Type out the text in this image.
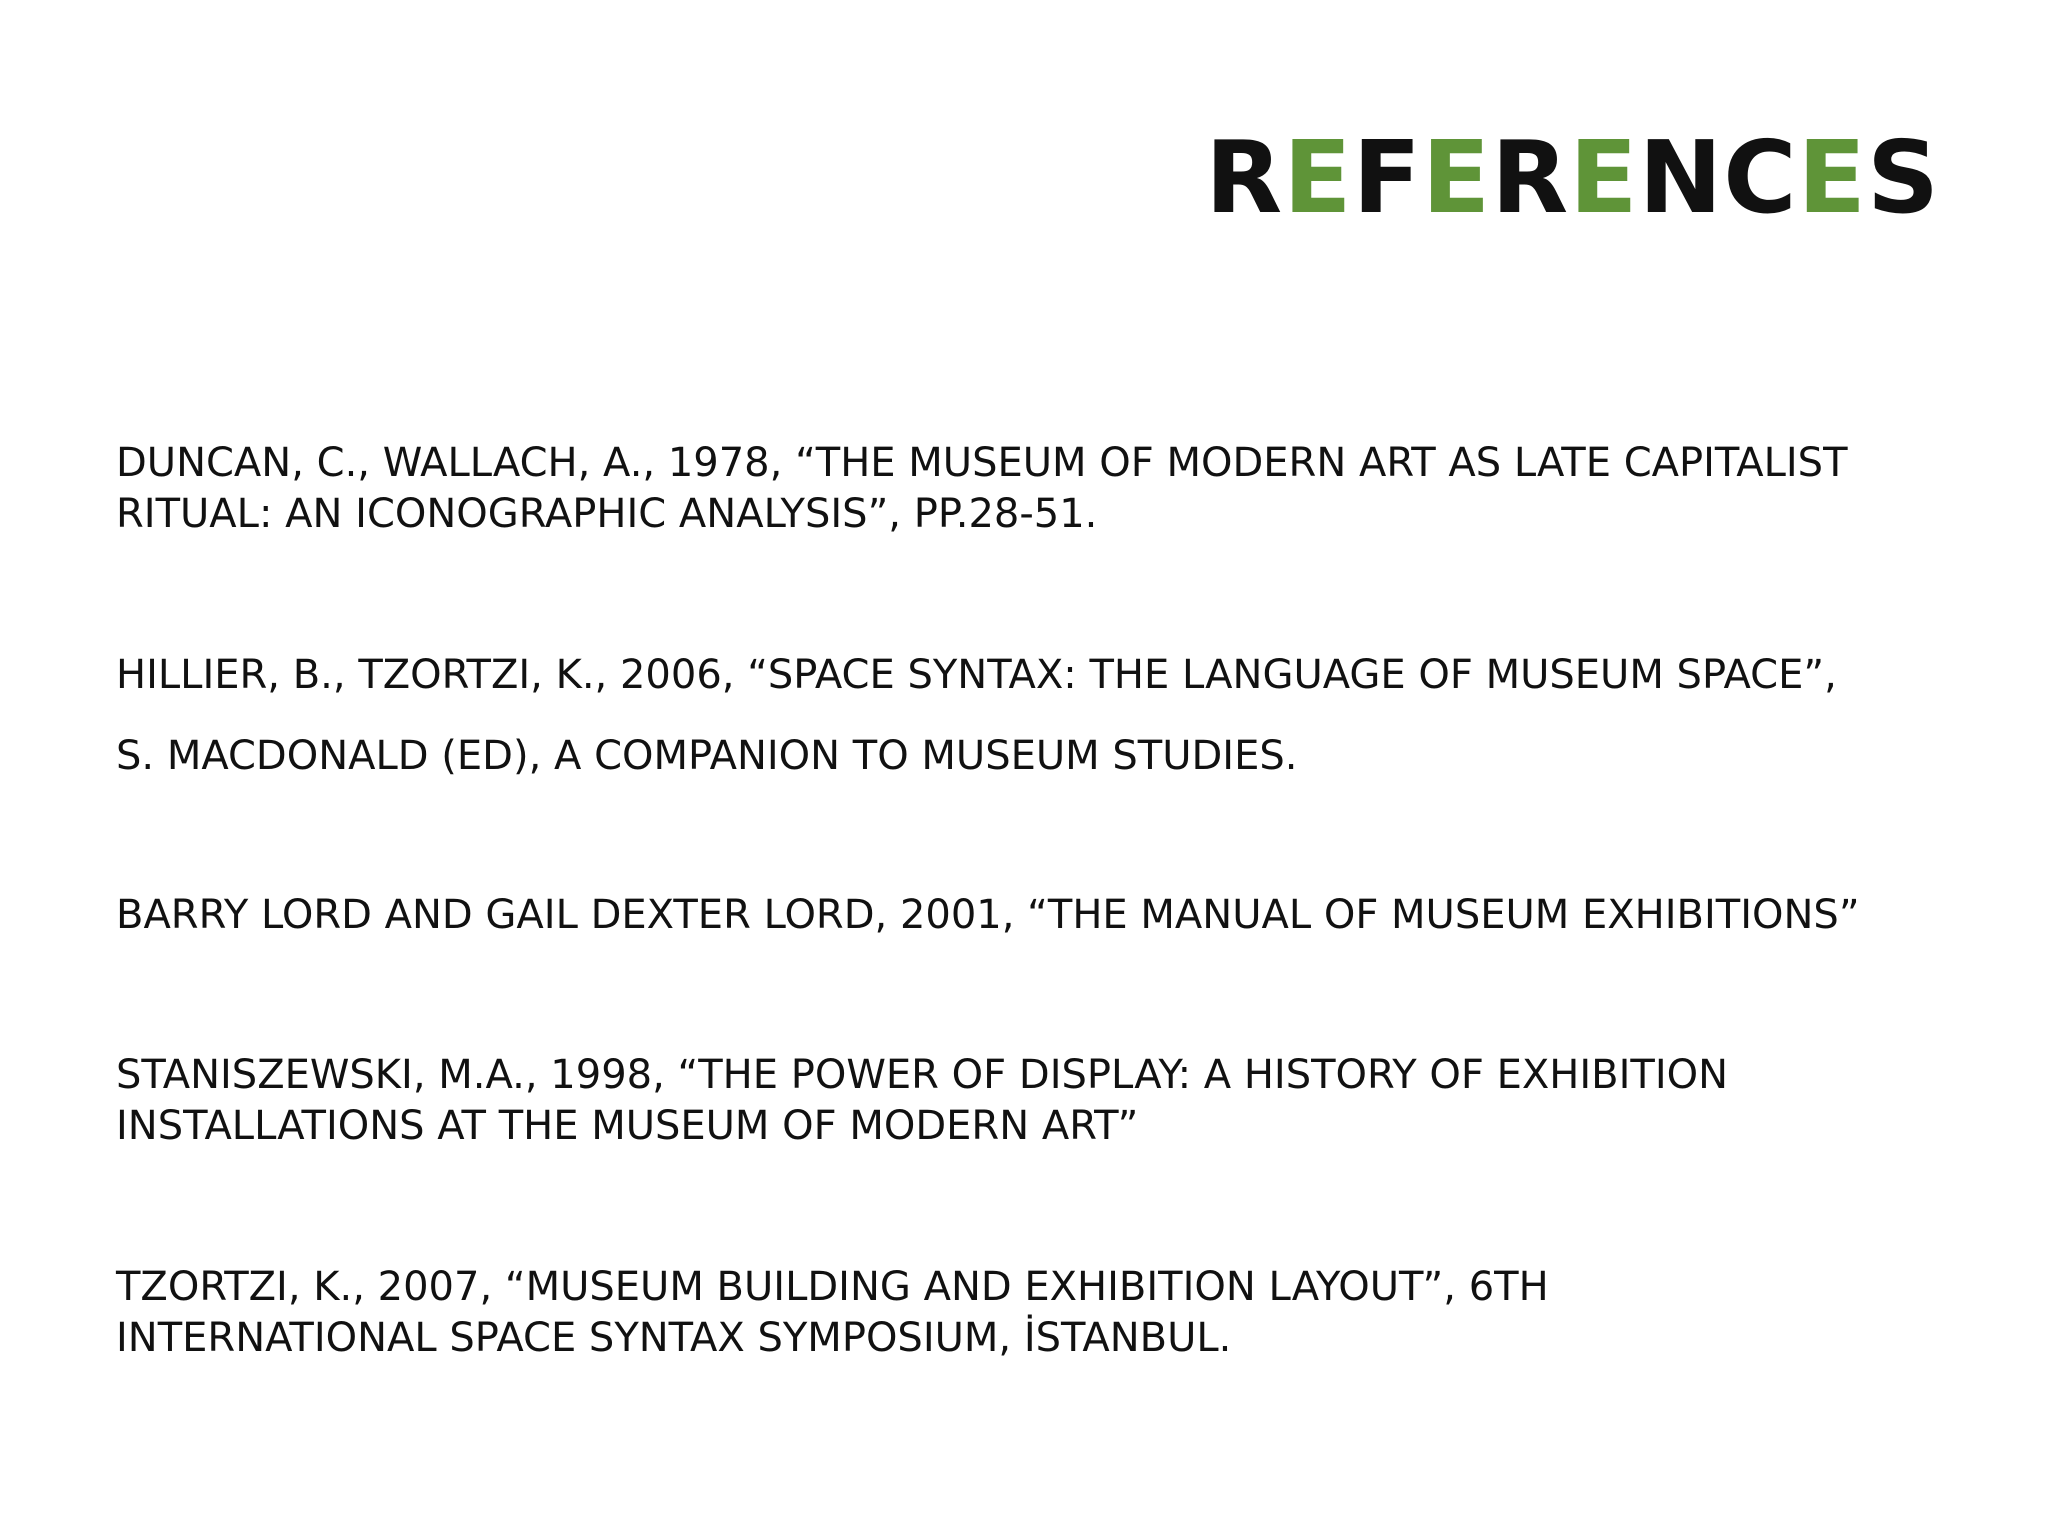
REFERENCES

DUNCAN, C., WALLACH, A., 1978, “THE MUSEUM OF MODERN ART AS LATE CAPITALIST
RITUAL: AN ICONOGRAPHIC ANALYSIS”, PP.28-51.

HILLIER, B., TZORTZI, K., 2006, “SPACE SYNTAX: THE LANGUAGE OF MUSEUM SPACE”,
S. MACDONALD (ED), A COMPANION TO MUSEUM STUDIES.

BARRY LORD AND GAIL DEXTER LORD, 2001, “THE MANUAL OF MUSEUM EXHIBITIONS”

STANISZEWSKI, M.A., 1998, “THE POWER OF DISPLAY: A HISTORY OF EXHIBITION
INSTALLATIONS AT THE MUSEUM OF MODERN ART”

TZORTZI, K., 2007, “MUSEUM BUILDING AND EXHIBITION LAYOUT”, 6TH
INTERNATIONAL SPACE SYNTAX SYMPOSIUM, İSTANBUL.
